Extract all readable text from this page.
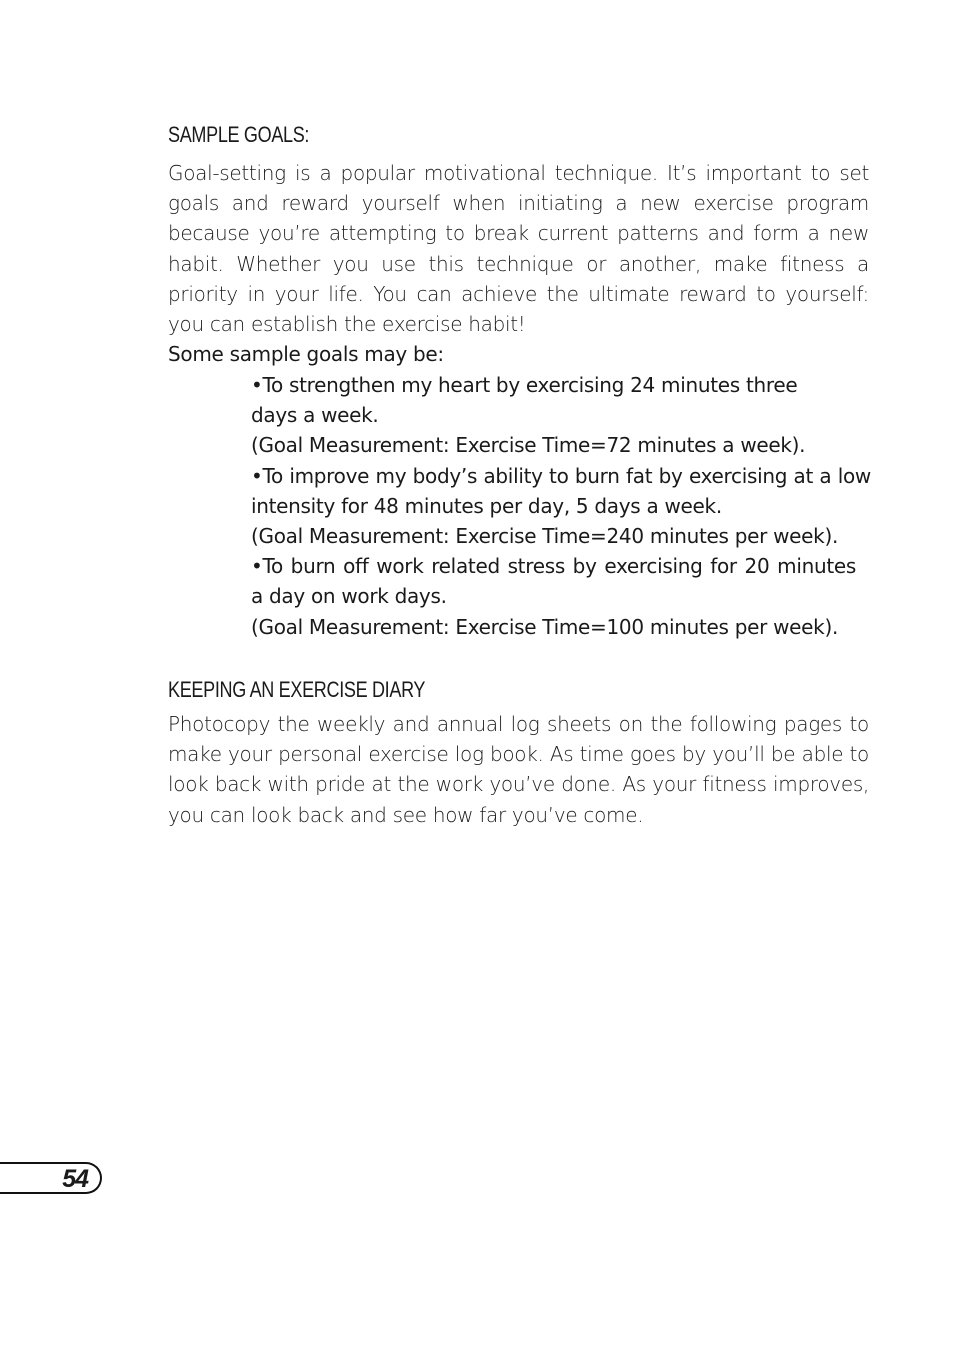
SAMPLE GOALS:

Goal-setting is a popular motivational technique. It’s important to set goals and reward yourself when initiating a new exercise program because you’re attempting to break current patterns and form a new habit. Whether you use this technique or another, make fitness a priority in your life. You can achieve the ultimate reward to yourself: you can establish the exercise habit!

Some sample goals may be:

•To strengthen my heart by exercising 24 minutes three days a week.

(Goal Measurement: Exercise Time=72 minutes a week).

•To improve my body’s ability to burn fat by exercising at a low intensity for 48 minutes per day, 5 days a week.

(Goal Measurement: Exercise Time=240 minutes per week).

•To burn off work related stress by exercising for 20 minutes a day on work days.

(Goal Measurement: Exercise Time=100 minutes per week).

KEEPING AN EXERCISE DIARY

Photocopy the weekly and annual log sheets on the following pages to make your personal exercise log book. As time goes by you’ll be able to look back with pride at the work you’ve done. As your fitness improves, you can look back and see how far you’ve come.

54
